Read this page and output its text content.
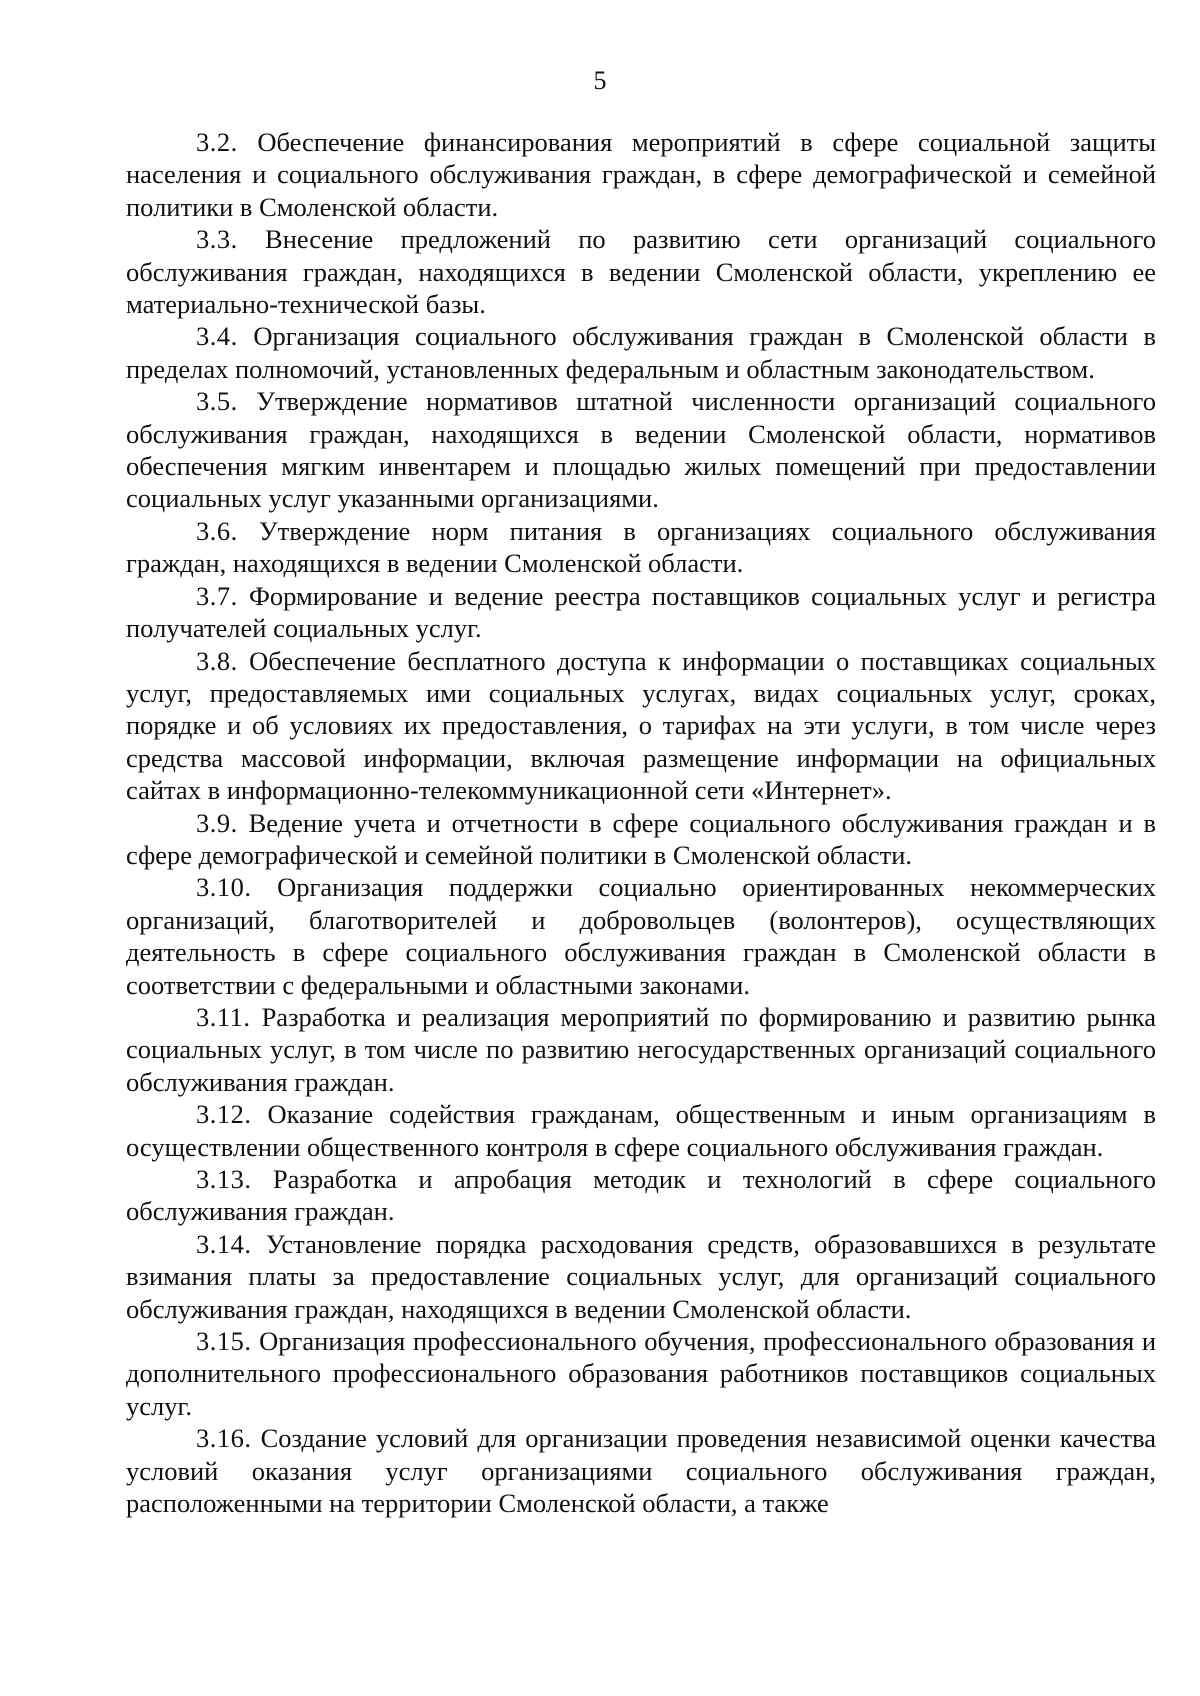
5

3.2. Обеспечение финансирования мероприятий в сфере социальной защиты населения и социального обслуживания граждан, в сфере демографической и семейной политики в Смоленской области.

3.3. Внесение предложений по развитию сети организаций социального обслуживания граждан, находящихся в ведении Смоленской области, укреплению ее материально-технической базы.

3.4. Организация социального обслуживания граждан в Смоленской области в пределах полномочий, установленных федеральным и областным законодательством.

3.5. Утверждение нормативов штатной численности организаций социального обслуживания граждан, находящихся в ведении Смоленской области, нормативов обеспечения мягким инвентарем и площадью жилых помещений при предоставлении социальных услуг указанными организациями.

3.6. Утверждение норм питания в организациях социального обслуживания граждан, находящихся в ведении Смоленской области.

3.7. Формирование и ведение реестра поставщиков социальных услуг и регистра получателей социальных услуг.

3.8. Обеспечение бесплатного доступа к информации о поставщиках социальных услуг, предоставляемых ими социальных услугах, видах социальных услуг, сроках, порядке и об условиях их предоставления, о тарифах на эти услуги, в том числе через средства массовой информации, включая размещение информации на официальных сайтах в информационно-телекоммуникационной сети «Интернет».

3.9. Ведение учета и отчетности в сфере социального обслуживания граждан и в сфере демографической и семейной политики в Смоленской области.

3.10. Организация поддержки социально ориентированных некоммерческих организаций, благотворителей и добровольцев (волонтеров), осуществляющих деятельность в сфере социального обслуживания граждан в Смоленской области в соответствии с федеральными и областными законами.

3.11. Разработка и реализация мероприятий по формированию и развитию рынка социальных услуг, в том числе по развитию негосударственных организаций социального обслуживания граждан.

3.12. Оказание содействия гражданам, общественным и иным организациям в осуществлении общественного контроля в сфере социального обслуживания граждан.

3.13. Разработка и апробация методик и технологий в сфере социального обслуживания граждан.

3.14. Установление порядка расходования средств, образовавшихся в результате взимания платы за предоставление социальных услуг, для организаций социального обслуживания граждан, находящихся в ведении Смоленской области.

3.15. Организация профессионального обучения, профессионального образования и дополнительного профессионального образования работников поставщиков социальных услуг.

3.16. Создание условий для организации проведения независимой оценки качества условий оказания услуг организациями социального обслуживания граждан, расположенными на территории Смоленской области, а также
